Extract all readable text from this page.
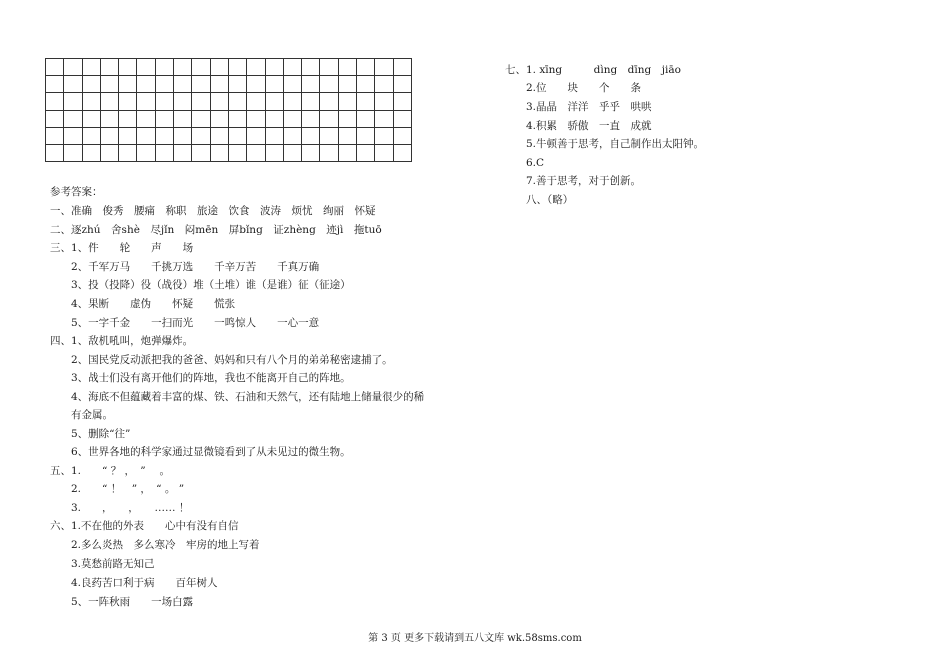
参考答案：
一、准确　俊秀　腰痛　称职　旅途　饮食　波涛　烦忧　绚丽　怀疑
二、逐zhú　舍shè　尽jǐn　闷mēn　屏bǐng　证zhèng　迹jì　拖tuō
三、1、件　　轮　　声　　场
　　2、千军万马　　千挑万选　　千辛万苦　　千真万确
　　3、投（投降）役（战役）堆（土堆）谁（是谁）征（征途）
　　4、果断　　虚伪　　怀疑　　慌张
　　5、一字千金　　一扫而光　　一鸣惊人　　一心一意
四、1、敌机吼叫，炮弹爆炸。
　　2、国民党反动派把我的爸爸、妈妈和只有八个月的弟弟秘密逮捕了。
　　3、战士们没有离开他们的阵地，我也不能离开自己的阵地。
　　4、海底不但蕴藏着丰富的煤、铁、石油和天然气，还有陆地上储量很少的稀
　　有金属。
　　5、删除“往”
　　6、世界各地的科学家通过显微镜看到了从未见过的微生物。
五、1.　　“ ？ ，　” 　。
　　2.　　“ ！　” ，　“ 。 ”
　　3.　　，　　，　　…… ！
六、1.不在他的外表　　心中有没有自信
　　2.多么炎热　多么寒冷　牢房的地上写着
　　3.莫愁前路无知己
　　4.良药苦口利于病　　百年树人
　　5、一阵秋雨　　一场白露
七、1. xīng　　　dìng　dīng　jiāo
　　2.位　　块　　个　　条
　　3.晶晶　洋洋　乎乎　哄哄
　　4.积累　骄傲　一直　成就
　　5.牛顿善于思考，自己制作出太阳钟。
　　6.C
　　7.善于思考，对于创新。
　　八、（略）
第 3 页 更多下载请到五八文库 wk.58sms.com
